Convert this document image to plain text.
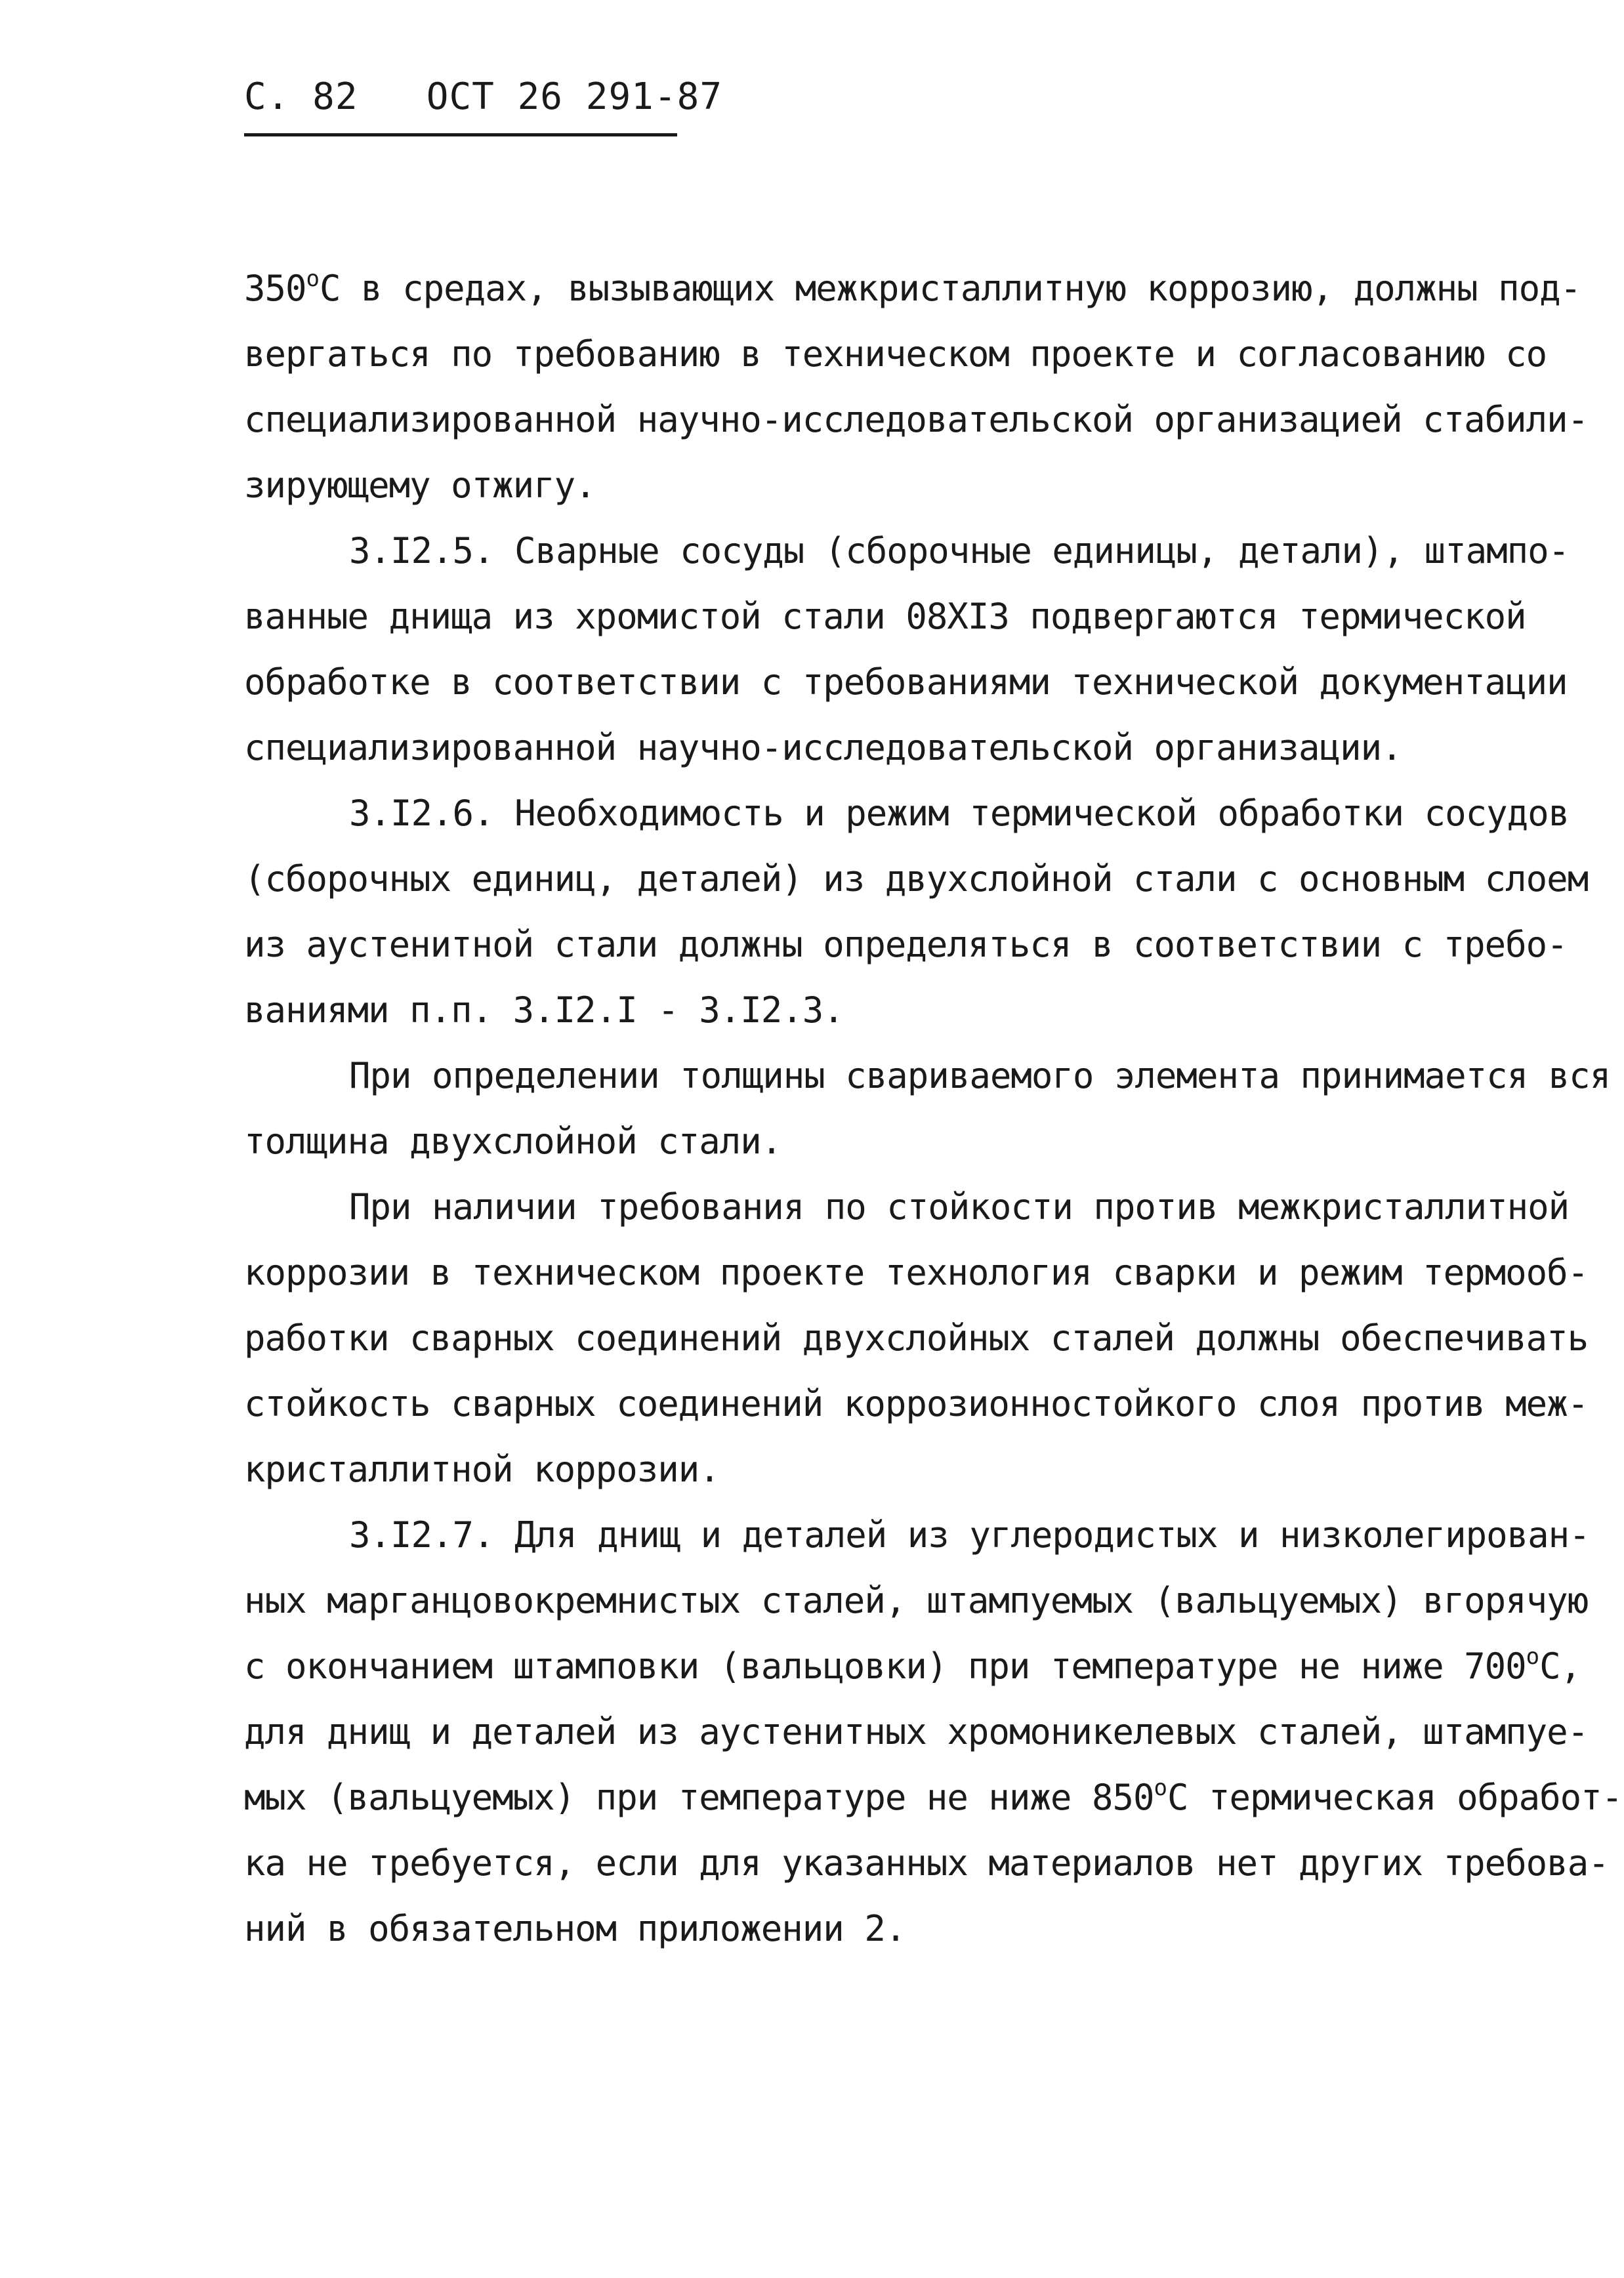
С. 82 ОСТ 26 291-87
$350^оС$ в средах, вызывающих межкристаллитную коррозию, должны под-
вергаться по требованию в техническом проекте и согласованию со
специализированной научно-исследовательской организацией стабили-
зирующему отжигу.
3.I2.5. Сварные сосуды (сборочные единицы, детали), штампо-
ванные днища из хромистой стали 08XI3 подвергаются термической
обработке в соответствии с требованиями технической документации
специализированной научно-исследовательской организации.
3.I2.6. Необходимость и режим термической обработки сосудов
(сборочных единиц, деталей) из двухслойной стали с основным слоем
из аустенитной стали должны определяться в соответствии с требо-
ваниями п.п. 3.I2.I - 3.I2.3.
При определении толщины свариваемого элемента принимается вся
толщина двухслойной стали.
При наличии требования по стойкости против межкристаллитной
коррозии в техническом проекте технология сварки и режим термооб-
работки сварных соединений двухслойных сталей должны обеспечивать
стойкость сварных соединений коррозионностойкого слоя против меж-
кристаллитной коррозии.
3.I2.7. Для днищ и деталей из углеродистых и низколегирован-
ных марганцовокремнистых сталей, штампуемых (вальцуемых) вгорячую
с окончанием штамповки (вальцовки) при температуре не ниже $700^оС$,
для днищ и деталей из аустенитных хромоникелевых сталей, штампуе-
мых (вальцуемых) при температуре не ниже $850^оС$ термическая обработ-
ка не требуется, если для указанных материалов нет других требова-
ний в обязательном приложении 2.
